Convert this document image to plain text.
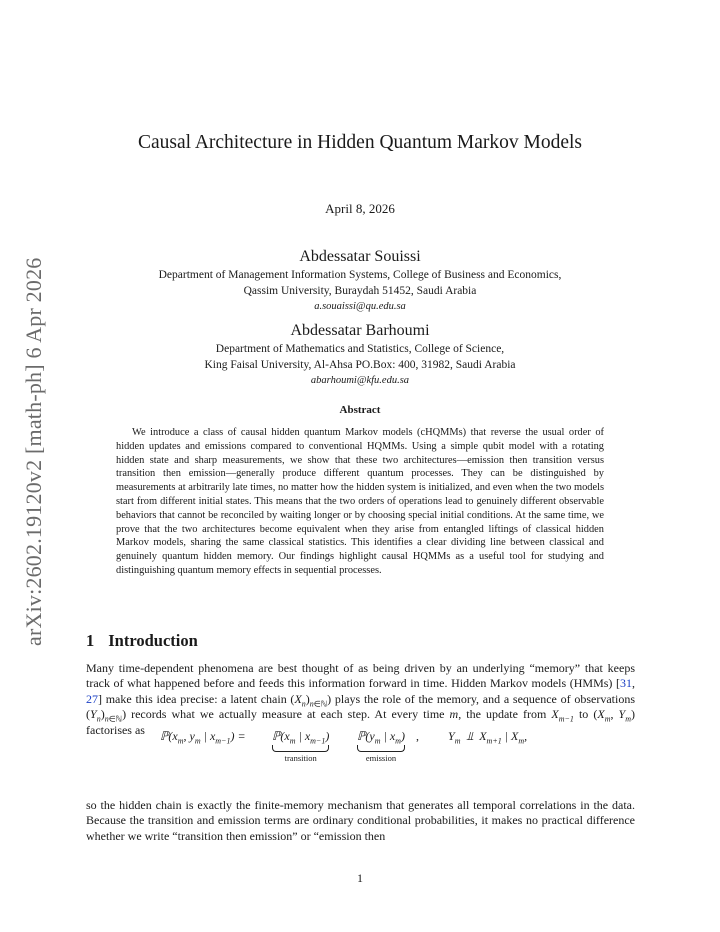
arXiv:2602.19120v2 [math-ph] 6 Apr 2026
Causal Architecture in Hidden Quantum Markov Models
April 8, 2026
Abdessatar Souissi
Department of Management Information Systems, College of Business and Economics,
Qassim University, Buraydah 51452, Saudi Arabia
a.souaissi@qu.edu.sa
Abdessatar Barhoumi
Department of Mathematics and Statistics, College of Science,
King Faisal University, Al-Ahsa PO.Box: 400, 31982, Saudi Arabia
abarhoumi@kfu.edu.sa
Abstract
We introduce a class of causal hidden quantum Markov models (cHQMMs) that reverse the usual order of hidden updates and emissions compared to conventional HQMMs. Using a simple qubit model with a rotating hidden state and sharp measurements, we show that these two architectures—emission then transition versus transition then emission—generally produce different quantum processes. They can be distinguished by measurements at arbitrarily late times, no matter how the hidden system is initialized, and even when the two models start from different initial states. This means that the two orders of operations lead to genuinely different observable behaviors that cannot be reconciled by waiting longer or by choosing special initial conditions. At the same time, we prove that the two architectures become equivalent when they arise from entangled liftings of classical hidden Markov models, sharing the same classical statistics. This identifies a clear dividing line between classical and genuinely quantum hidden memory. Our findings highlight causal HQMMs as a useful tool for studying and distinguishing quantum memory effects in sequential processes.
1 Introduction
Many time-dependent phenomena are best thought of as being driven by an underlying “memory” that keeps track of what happened before and feeds this information forward in time. Hidden Markov models (HMMs) [31, 27] make this idea precise: a latent chain $(X_n)_{n\in ℕ}$) plays the role of the memory, and a sequence of observations $(Y_n)_{n\in ℕ}$) records what we actually measure at each step. At every time m, the update from $X_{m-1}$ to ($X_m$, $Y_m$) factorises as	$ℙ(x_m$, $y_m$ | $x_{m-1}$) = $ℙ(x_m$ | $x_{m-1}$)
transition
$ℙ(y_m$ | $x_m$)
emission
, $Y_m$  ⫫  $X_{m+1}$ | $X_m$,
so the hidden chain is exactly the finite-memory mechanism that generates all temporal correlations in the data. Because the transition and emission terms are ordinary conditional probabilities, it makes no practical difference whether we write “transition then emission” or “emission then
1
